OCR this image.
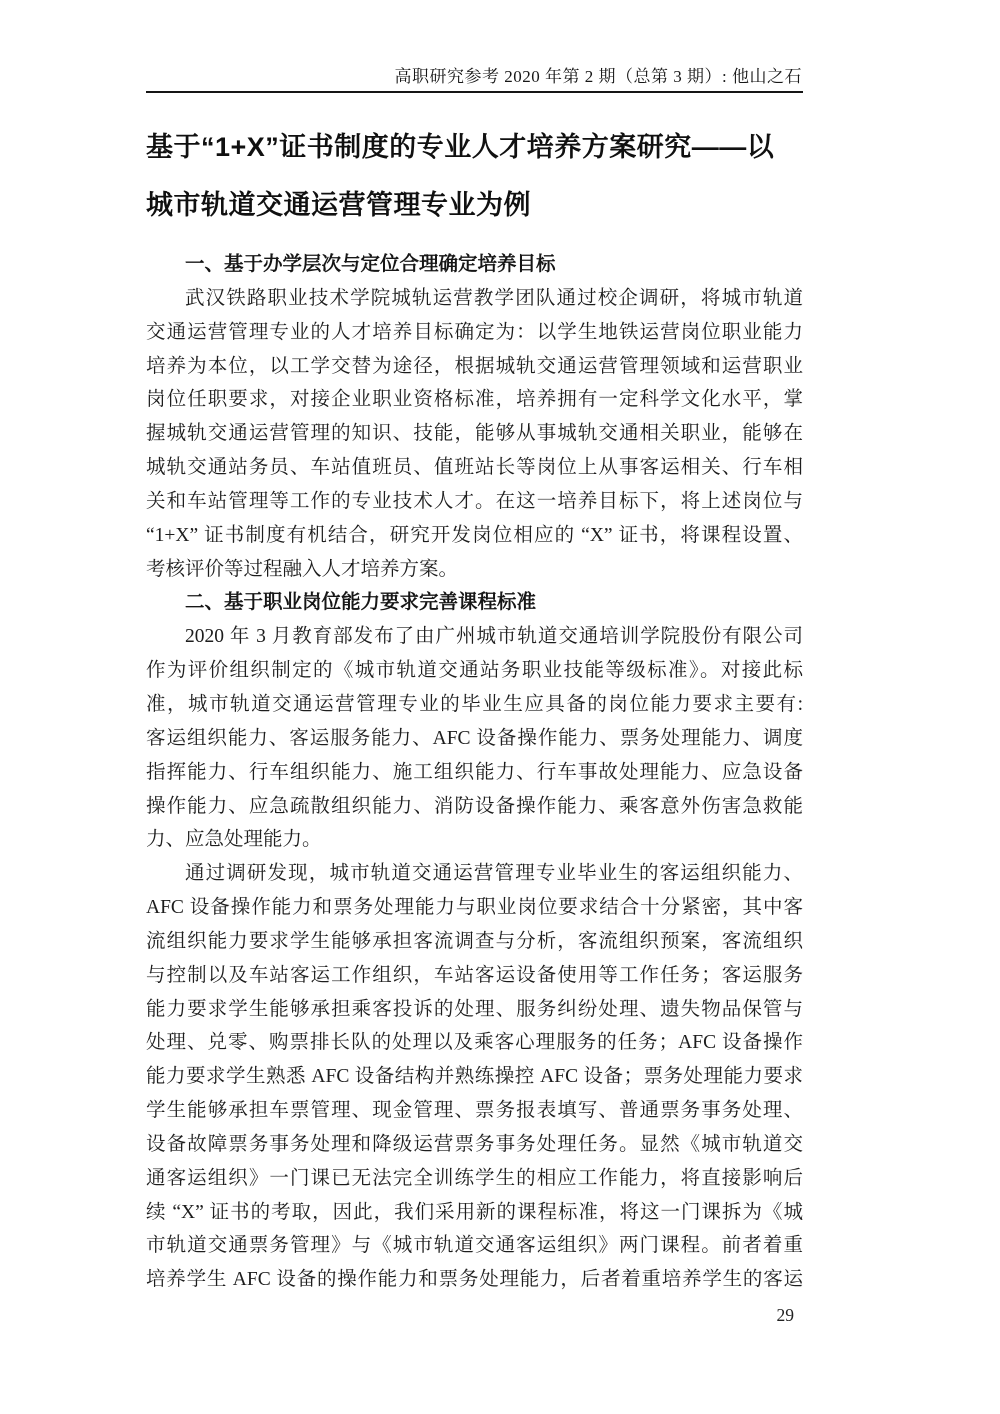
高职研究参考 2020 年第 2 期（总第 3 期）: 他山之石
基于“1+X”证书制度的专业人才培养方案研究——以
城市轨道交通运营管理专业为例
一、基于办学层次与定位合理确定培养目标
武汉铁路职业技术学院城轨运营教学团队通过校企调研，将城市轨道
交通运营管理专业的人才培养目标确定为：以学生地铁运营岗位职业能力
培养为本位，以工学交替为途径，根据城轨交通运营管理领域和运营职业
岗位任职要求，对接企业职业资格标准，培养拥有一定科学文化水平，掌
握城轨交通运营管理的知识、技能，能够从事城轨交通相关职业，能够在
城轨交通站务员、车站值班员、值班站长等岗位上从事客运相关、行车相
关和车站管理等工作的专业技术人才。在这一培养目标下，将上述岗位与
“1+X” 证书制度有机结合，研究开发岗位相应的 “X” 证书，将课程设置、
考核评价等过程融入人才培养方案。
二、基于职业岗位能力要求完善课程标准
2020 年 3 月教育部发布了由广州城市轨道交通培训学院股份有限公司
作为评价组织制定的《城市轨道交通站务职业技能等级标准》。对接此标
准，城市轨道交通运营管理专业的毕业生应具备的岗位能力要求主要有:
客运组织能力、客运服务能力、AFC 设备操作能力、票务处理能力、调度
指挥能力、行车组织能力、施工组织能力、行车事故处理能力、应急设备
操作能力、应急疏散组织能力、消防设备操作能力、乘客意外伤害急救能
力、应急处理能力。
通过调研发现，城市轨道交通运营管理专业毕业生的客运组织能力、
AFC 设备操作能力和票务处理能力与职业岗位要求结合十分紧密，其中客
流组织能力要求学生能够承担客流调查与分析，客流组织预案，客流组织
与控制以及车站客运工作组织，车站客运设备使用等工作任务；客运服务
能力要求学生能够承担乘客投诉的处理、服务纠纷处理、遗失物品保管与
处理、兑零、购票排长队的处理以及乘客心理服务的任务；AFC 设备操作
能力要求学生熟悉 AFC 设备结构并熟练操控 AFC 设备；票务处理能力要求
学生能够承担车票管理、现金管理、票务报表填写、普通票务事务处理、
设备故障票务事务处理和降级运营票务事务处理任务。显然《城市轨道交
通客运组织》一门课已无法完全训练学生的相应工作能力，将直接影响后
续 “X” 证书的考取，因此，我们采用新的课程标准，将这一门课拆为《城
市轨道交通票务管理》与《城市轨道交通客运组织》两门课程。前者着重
培养学生 AFC 设备的操作能力和票务处理能力，后者着重培养学生的客运
29
